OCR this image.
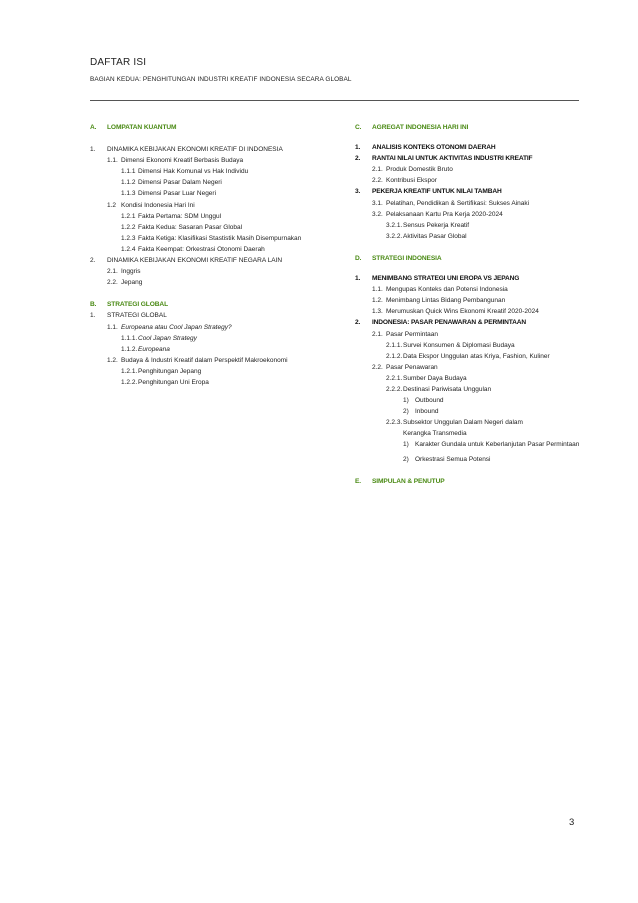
DAFTAR ISI
BAGIAN KEDUA: PENGHITUNGAN INDUSTRI KREATIF INDONESIA SECARA GLOBAL
A.	LOMPATAN KUANTUM
1.	DINAMIKA KEBIJAKAN EKONOMI KREATIF DI INDONESIA
1.1. Dimensi Ekonomi Kreatif Berbasis Budaya
1.1.1 Dimensi Hak Komunal vs Hak Individu
1.1.2 Dimensi Pasar Dalam Negeri
1.1.3 Dimensi Pasar Luar Negeri
1.2 Kondisi Indonesia Hari Ini
1.2.1 Fakta Pertama: SDM Unggul
1.2.2 Fakta Kedua: Sasaran Pasar Global
1.2.3 Fakta Ketiga: Klasifikasi Stastistik Masih Disempurnakan
1.2.4 Fakta Keempat: Orkestrasi Otonomi Daerah
2.	DINAMIKA KEBIJAKAN EKONOMI KREATIF NEGARA LAIN
2.1. Inggris
2.2. Jepang
B.	STRATEGI GLOBAL
1.	STRATEGI GLOBAL
1.1. Europeana atau Cool Japan Strategy?
1.1.1. Cool Japan Strategy
1.1.2. Europeana
1.2. Budaya & Industri Kreatif dalam Perspektif Makroekonomi
1.2.1. Penghitungan Jepang
1.2.2. Penghitungan Uni Eropa
C.	AGREGAT INDONESIA HARI INI
1.	ANALISIS KONTEKS OTONOMI DAERAH
2.	RANTAI NILAI UNTUK AKTIVITAS INDUSTRI KREATIF
2.1. Produk Domestik Bruto
2.2. Kontribusi Ekspor
3.	PEKERJA KREATIF UNTUK NILAI TAMBAH
3.1. Pelatihan, Pendidikan & Sertifikasi: Sukses Ainaki
3.2. Pelaksanaan Kartu Pra Kerja 2020-2024
3.2.1. Sensus Pekerja Kreatif
3.2.2. Aktivitas Pasar Global
D.	STRATEGI INDONESIA
1.	MENIMBANG STRATEGI UNI EROPA VS JEPANG
1.1. Mengupas Konteks dan Potensi Indonesia
1.2. Menimbang Lintas Bidang Pembangunan
1.3. Merumuskan Quick Wins Ekonomi Kreatif 2020-2024
2.	INDONESIA: PASAR PENAWARAN & PERMINTAAN
2.1. Pasar Permintaan
2.1.1. Survei Konsumen & Diplomasi Budaya
2.1.2. Data Ekspor Unggulan atas Kriya, Fashion, Kuliner
2.2. Pasar Penawaran
2.2.1. Sumber Daya Budaya
2.2.2. Destinasi Pariwisata Unggulan
1) Outbound
2) Inbound
2.2.3. Subsektor Unggulan Dalam Negeri dalam Kerangka Transmedia
1) Karakter Gundala untuk Keberlanjutan Pasar Permintaan
2) Orkestrasi Semua Potensi
E.	SIMPULAN & PENUTUP
3
